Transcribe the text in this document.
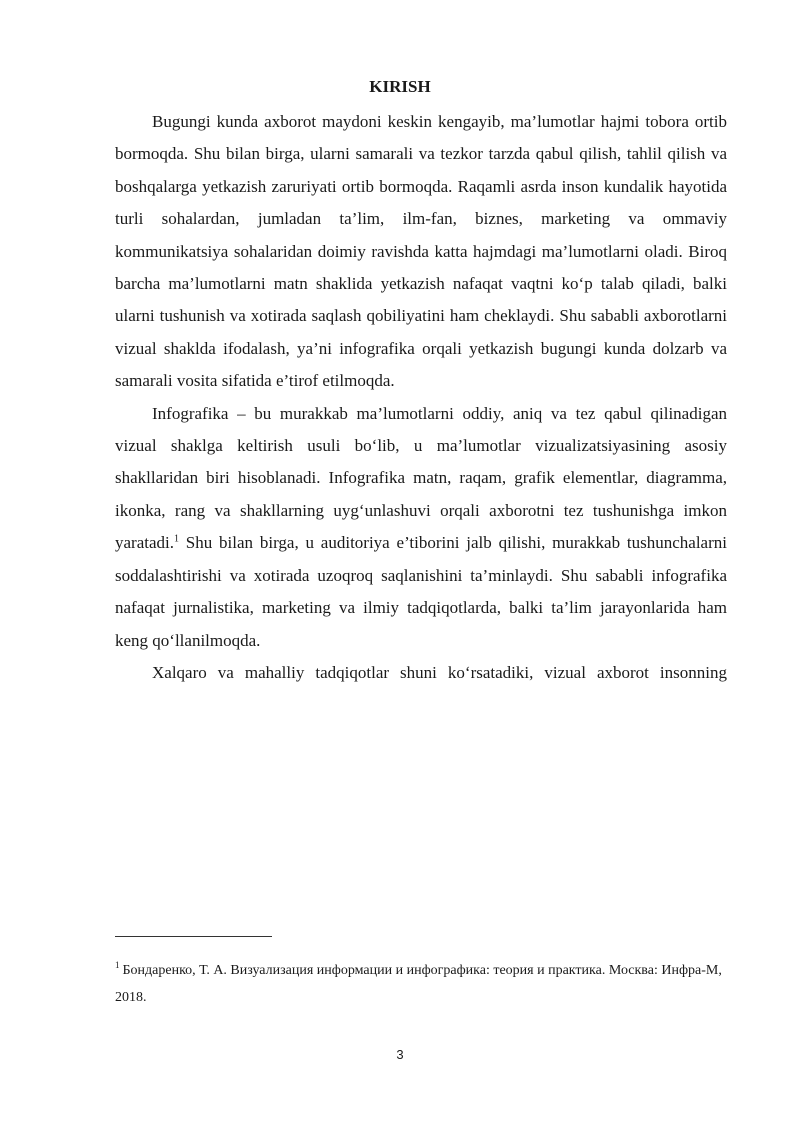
KIRISH

Bugungi kunda axborot maydoni keskin kengayib, ma’lumotlar hajmi tobora ortib bormoqda. Shu bilan birga, ularni samarali va tezkor tarzda qabul qilish, tahlil qilish va boshqalarga yetkazish zaruriyati ortib bormoqda. Raqamli asrda inson kundalik hayotida turli sohalardan, jumladan ta’lim, ilm-fan, biznes, marketing va ommaviy kommunikatsiya sohalaridan doimiy ravishda katta hajmdagi ma’lumotlarni oladi. Biroq barcha ma’lumotlarni matn shaklida yetkazish nafaqat vaqtni ko‘p talab qiladi, balki ularni tushunish va xotirada saqlash qobiliyatini ham cheklaydi. Shu sababli axborotlarni vizual shaklda ifodalash, ya’ni infografika orqali yetkazish bugungi kunda dolzarb va samarali vosita sifatida e’tirof etilmoqda.

Infografika – bu murakkab ma’lumotlarni oddiy, aniq va tez qabul qilinadigan vizual shaklga keltirish usuli bo‘lib, u ma’lumotlar vizualizatsiyasining asosiy shakllaridan biri hisoblanadi. Infografika matn, raqam, grafik elementlar, diagramma, ikonka, rang va shakllarning uyg‘unlashuvi orqali axborotni tez tushunishga imkon yaratadi.$^1$ Shu bilan birga, u auditoriya e’tiborini jalb qilishi, murakkab tushunchalarni soddalashtirishi va xotirada uzoqroq saqlanishini ta’minlaydi. Shu sababli infografika nafaqat jurnalistika, marketing va ilmiy tadqiqotlarda, balki ta’lim jarayonlarida ham keng qo‘llanilmoqda.

Xalqaro va mahalliy tadqiqotlar shuni ko‘rsatadiki, vizual axborot insonning

$^1$ Бондаренко, Т. А. Визуализация информации и инфографика: теория и практика. Москва: Инфра-М, 2018.

3
